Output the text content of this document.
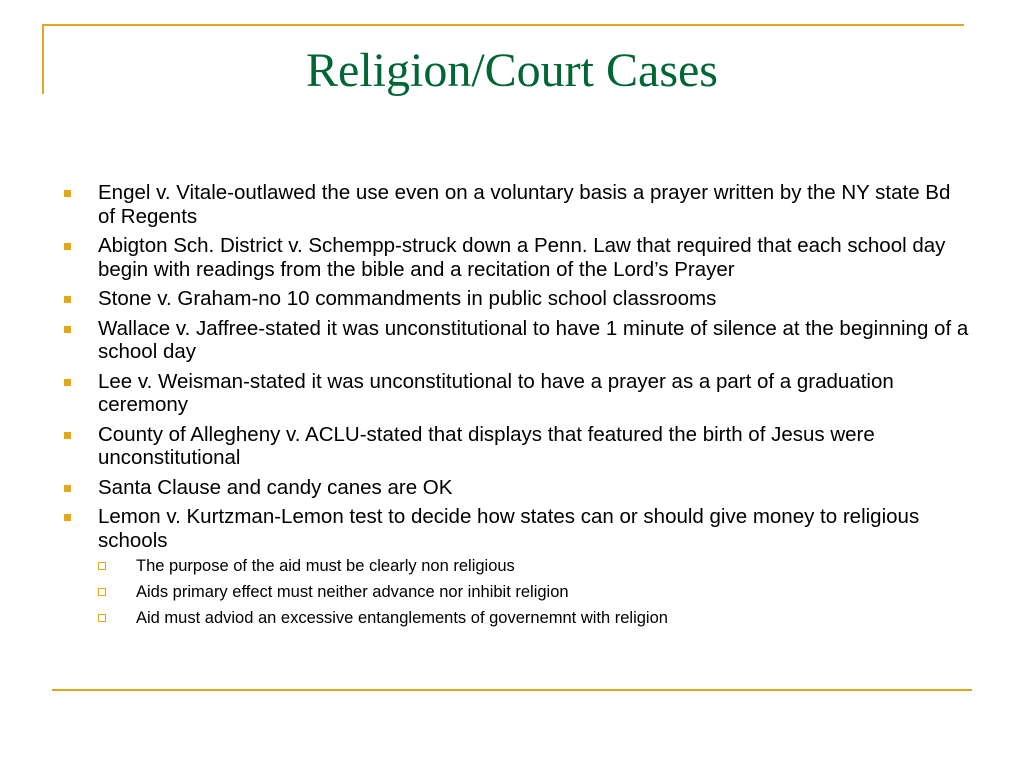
Religion/Court Cases
Engel v. Vitale-outlawed the use even on a voluntary basis a prayer written by the NY state Bd of Regents
Abigton Sch. District v. Schempp-struck down a Penn. Law that required that each school day begin with readings from the bible and a recitation of the Lord’s Prayer
Stone v. Graham-no 10 commandments in public school classrooms
Wallace v. Jaffree-stated it was unconstitutional to have 1 minute of silence at the beginning of a school day
Lee v. Weisman-stated it was unconstitutional to have a prayer as a part of a graduation ceremony
County of Allegheny v. ACLU-stated that displays that featured the birth of Jesus were unconstitutional
Santa Clause and candy canes are OK
Lemon v. Kurtzman-Lemon test to decide how states can or should give money to religious schools
The purpose of the aid must be clearly non religious
Aids primary effect must neither advance nor inhibit religion
Aid must adviod an excessive entanglements of governemnt with religion
